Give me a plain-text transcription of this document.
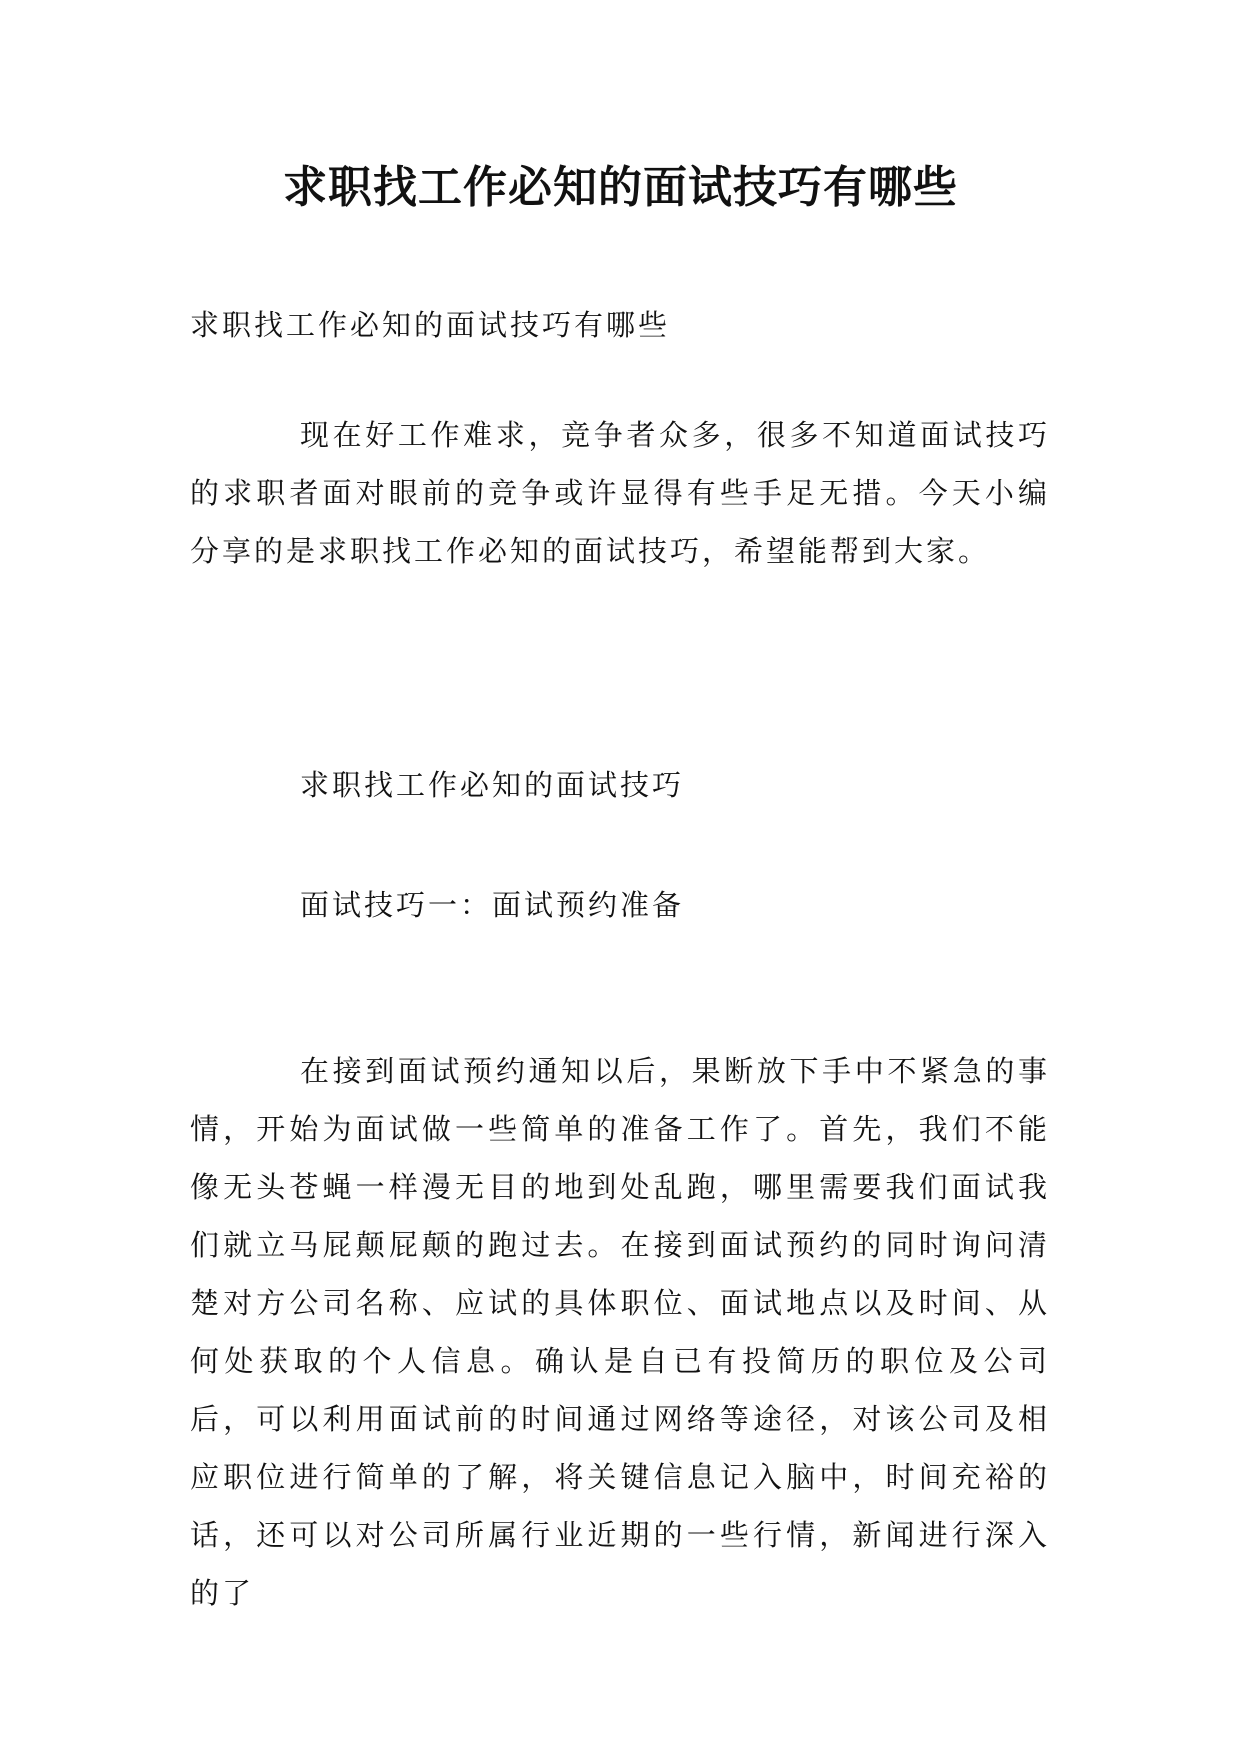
求职找工作必知的面试技巧有哪些

求职找工作必知的面试技巧有哪些

现在好工作难求，竞争者众多，很多不知道面试技巧的求职者面对眼前的竞争或许显得有些手足无措。今天小编分享的是求职找工作必知的面试技巧，希望能帮到大家。

求职找工作必知的面试技巧

面试技巧一：面试预约准备

在接到面试预约通知以后，果断放下手中不紧急的事情，开始为面试做一些简单的准备工作了。首先，我们不能像无头苍蝇一样漫无目的地到处乱跑，哪里需要我们面试我们就立马屁颠屁颠的跑过去。在接到面试预约的同时询问清楚对方公司名称、应试的具体职位、面试地点以及时间、从何处获取的个人信息。确认是自已有投简历的职位及公司后，可以利用面试前的时间通过网络等途径，对该公司及相应职位进行简单的了解，将关键信息记入脑中，时间充裕的话，还可以对公司所属行业近期的一些行情，新闻进行深入的了
